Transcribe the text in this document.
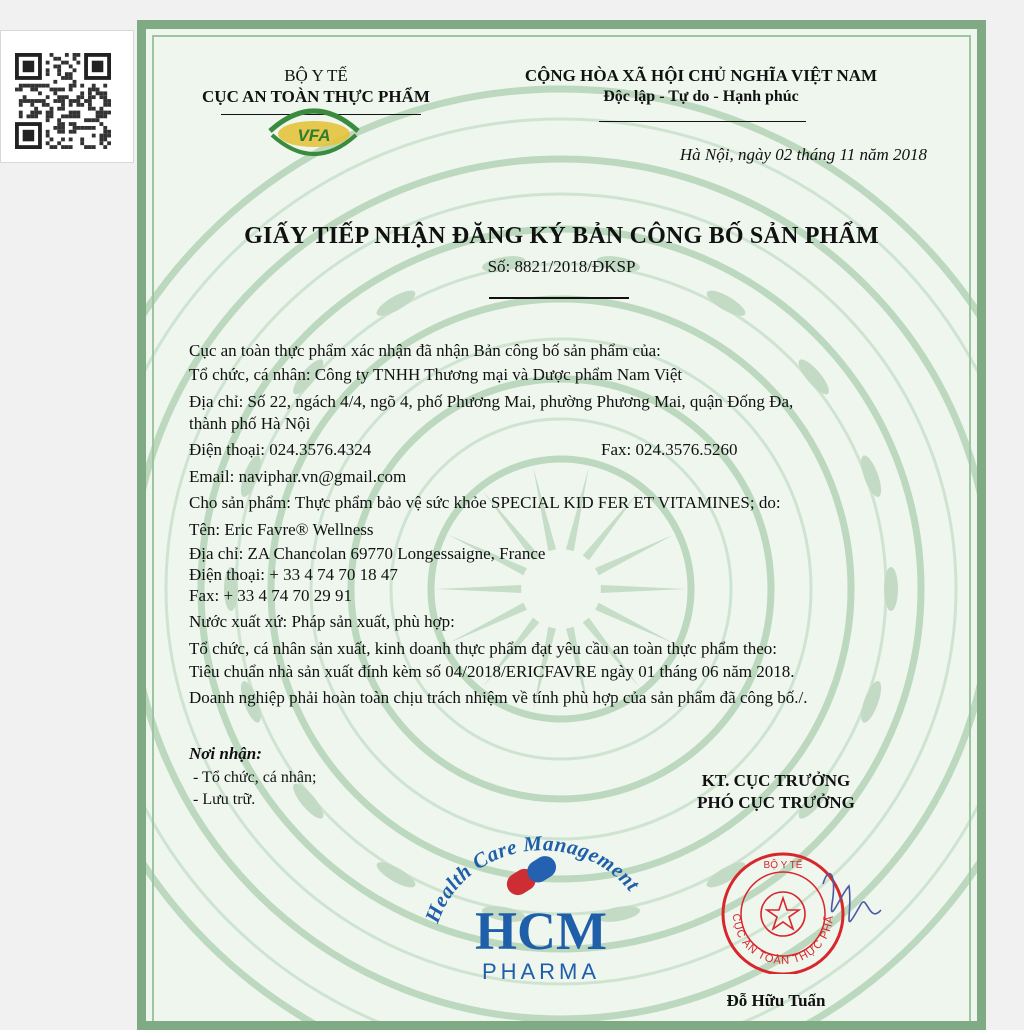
BỘ Y TẾ
CỤC AN TOÀN THỰC PHẨM
VFA
CỘNG HÒA XÃ HỘI CHỦ NGHĨA VIỆT NAM
Độc lập - Tự do - Hạnh phúc
Hà Nội, ngày 02 tháng 11 năm 2018
GIẤY TIẾP NHẬN ĐĂNG KÝ BẢN CÔNG BỐ SẢN PHẨM
Số: 8821/2018/ĐKSP
Cục an toàn thực phẩm xác nhận đã nhận Bản công bố sản phẩm của:
Tổ chức, cá nhân: Công ty TNHH Thương mại và Dược phẩm Nam Việt
Địa chỉ: Số 22, ngách 4/4, ngõ 4, phố Phương Mai, phường Phương Mai, quận Đống Đa,
thành phố Hà Nội
Điện thoại: 024.3576.4324	Fax: 024.3576.5260
Email: naviphar.vn@gmail.com
Cho sản phẩm: Thực phẩm bảo vệ sức khỏe SPECIAL KID FER ET VITAMINES; do:
Tên: Eric Favre® Wellness
Địa chỉ: ZA Chancolan 69770 Longessaigne, France
Điện thoại: + 33 4 74 70 18 47
Fax: + 33 4 74 70 29 91
Nước xuất xứ: Pháp sản xuất, phù hợp:
Tổ chức, cá nhân sản xuất, kinh doanh thực phẩm đạt yêu cầu an toàn thực phẩm theo:
Tiêu chuẩn nhà sản xuất đính kèm số 04/2018/ERICFAVRE ngày 01 tháng 06 năm 2018.
Doanh nghiệp phải hoàn toàn chịu trách nhiệm về tính phù hợp của sản phẩm đã công bố./.
Nơi nhận:
- Tổ chức, cá nhân;
- Lưu trữ.
KT. CỤC TRƯỞNG
PHÓ CỤC TRƯỞNG
Health Care Management
HCM
PHARMA
BỘ Y TẾ
CỤC AN TOÀN THỰC PHẨ
Đỗ Hữu Tuấn
